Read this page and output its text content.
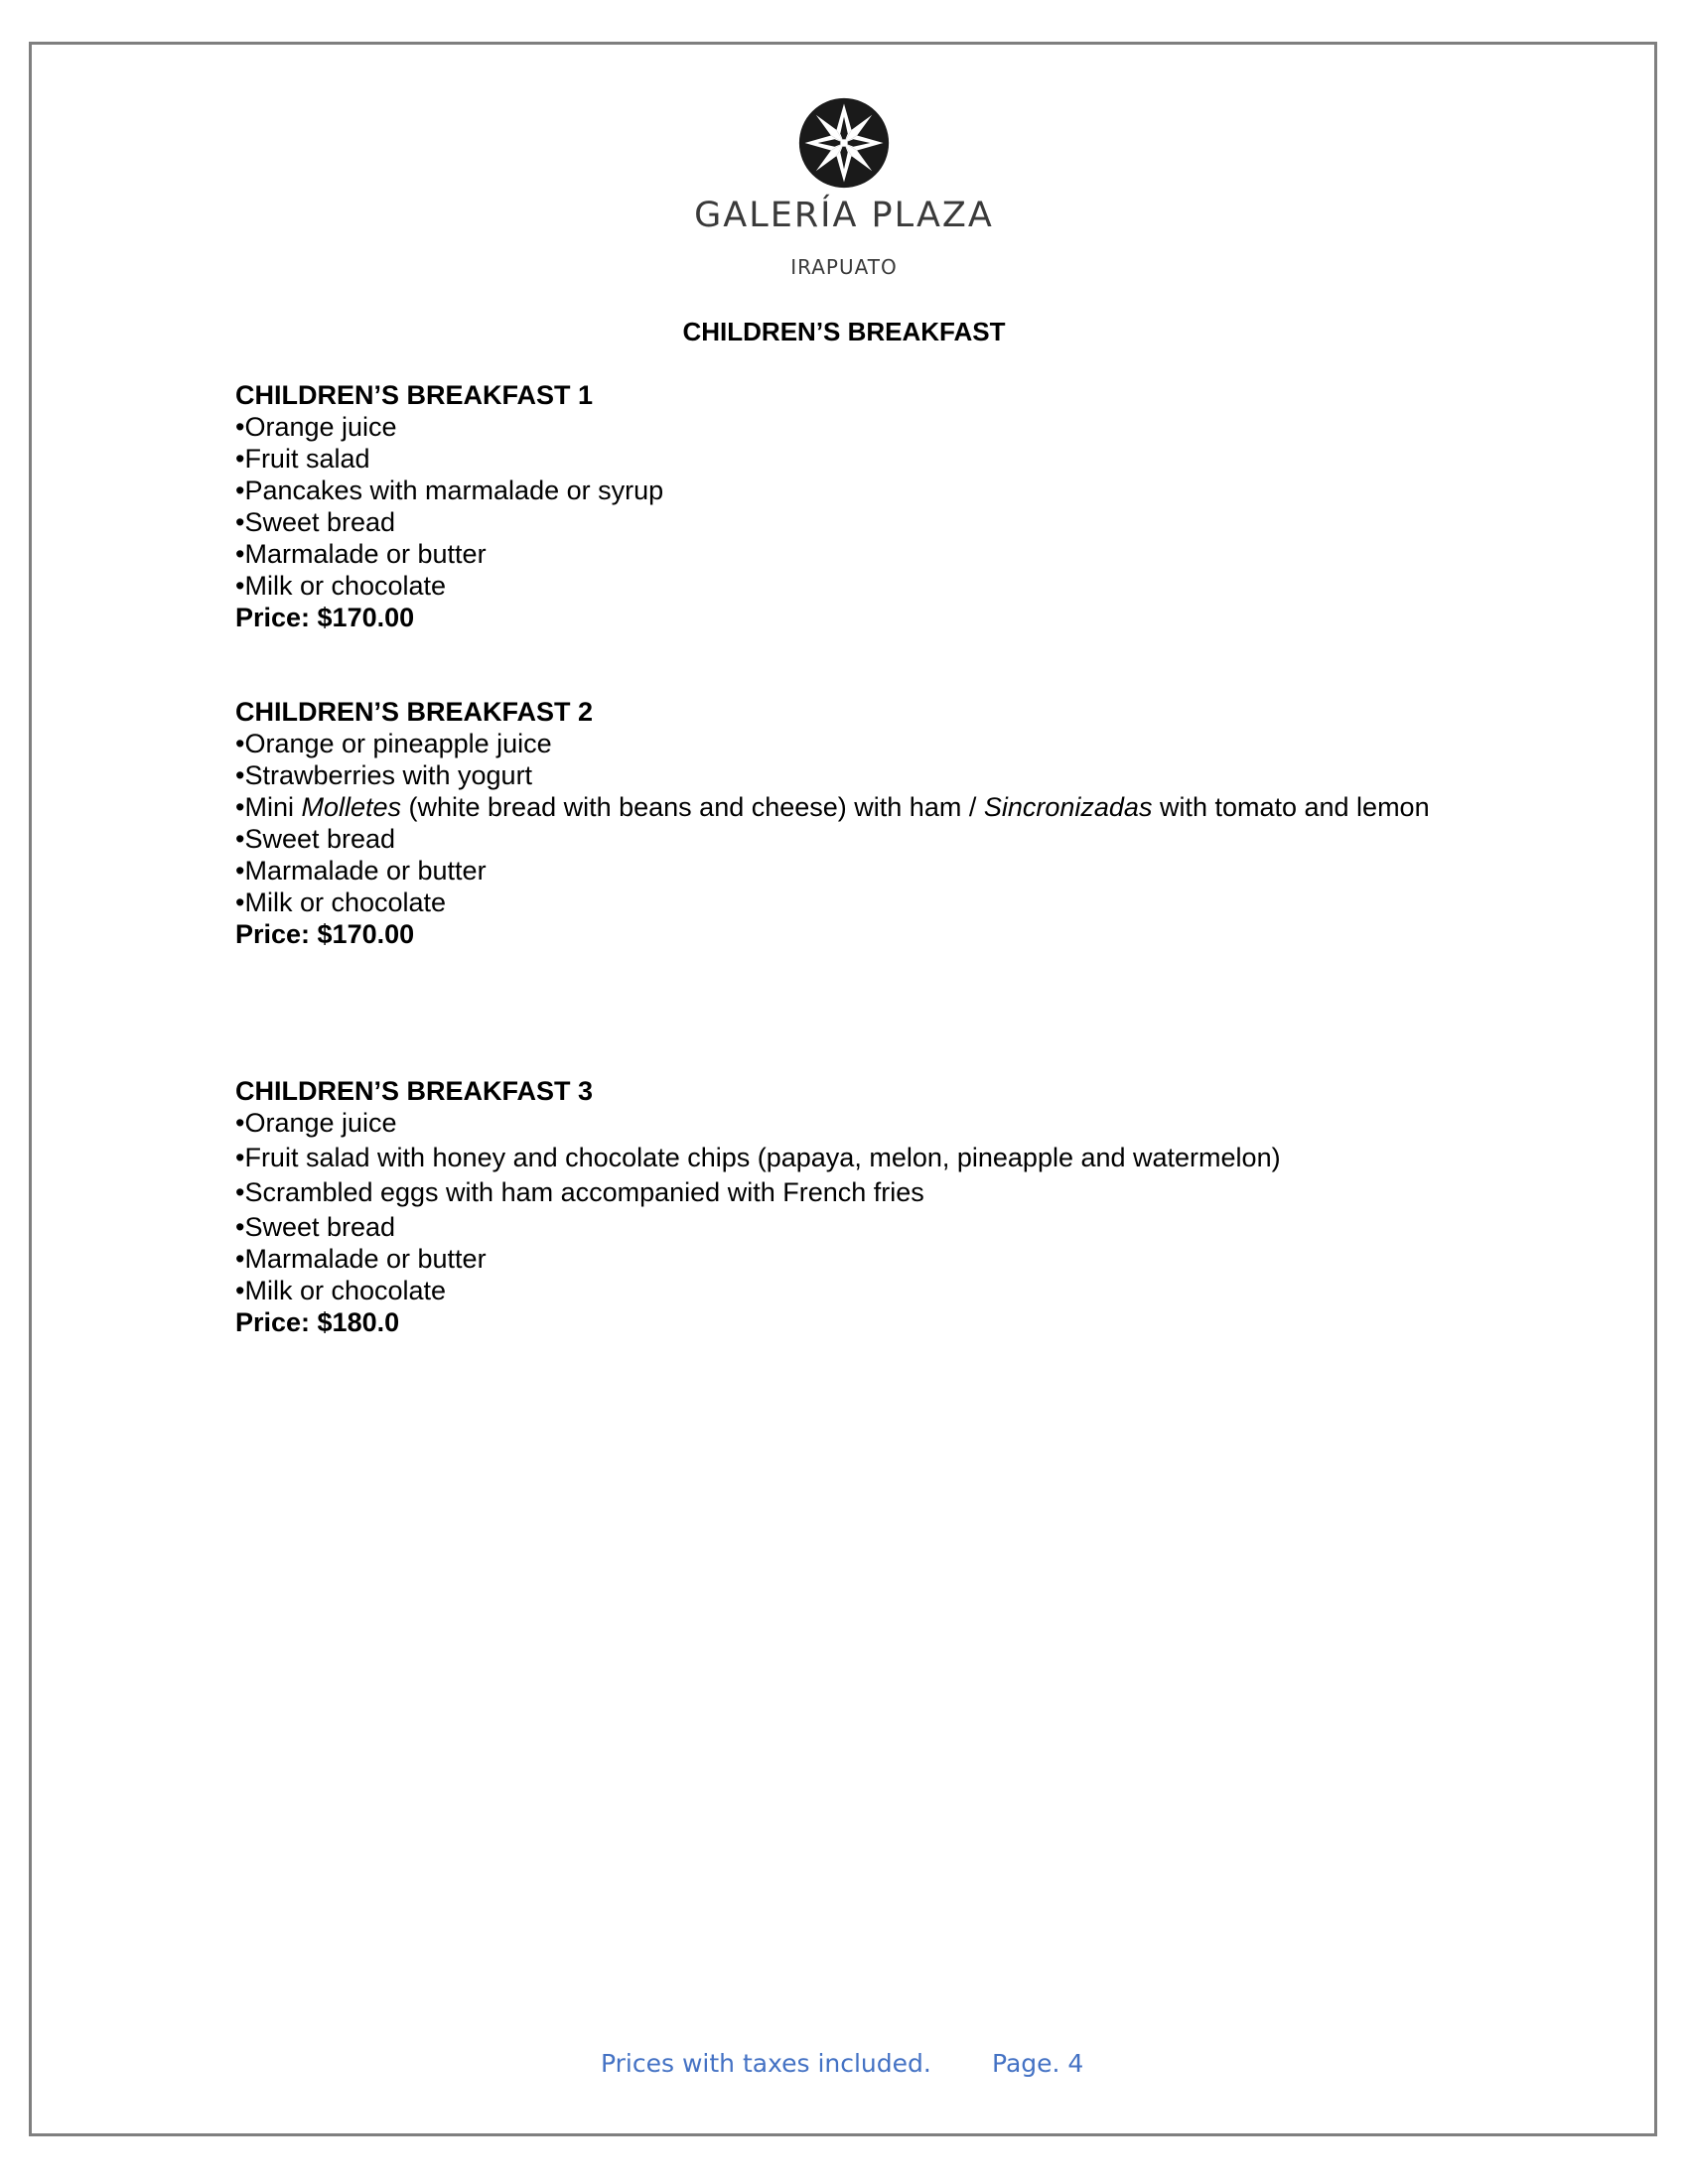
GALERÍA PLAZA
IRAPUATO
CHILDREN’S BREAKFAST

CHILDREN’S BREAKFAST 1

•Orange juice
•Fruit salad
•Pancakes with marmalade or syrup
•Sweet bread
•Marmalade or butter
•Milk or chocolate

Price: $170.00

CHILDREN’S BREAKFAST 2

•Orange or pineapple juice
•Strawberries with yogurt
•Mini Molletes (white bread with beans and cheese) with ham / Sincronizadas with tomato and lemon
•Sweet bread
•Marmalade or butter
•Milk or chocolate

Price: $170.00

CHILDREN’S BREAKFAST 3

•Orange juice
•Fruit salad with honey and chocolate chips (papaya, melon, pineapple and watermelon)
•Scrambled eggs with ham accompanied with French fries
•Sweet bread
•Marmalade or butter
•Milk or chocolate

Price: $180.0

Prices with taxes included. Page. 4
